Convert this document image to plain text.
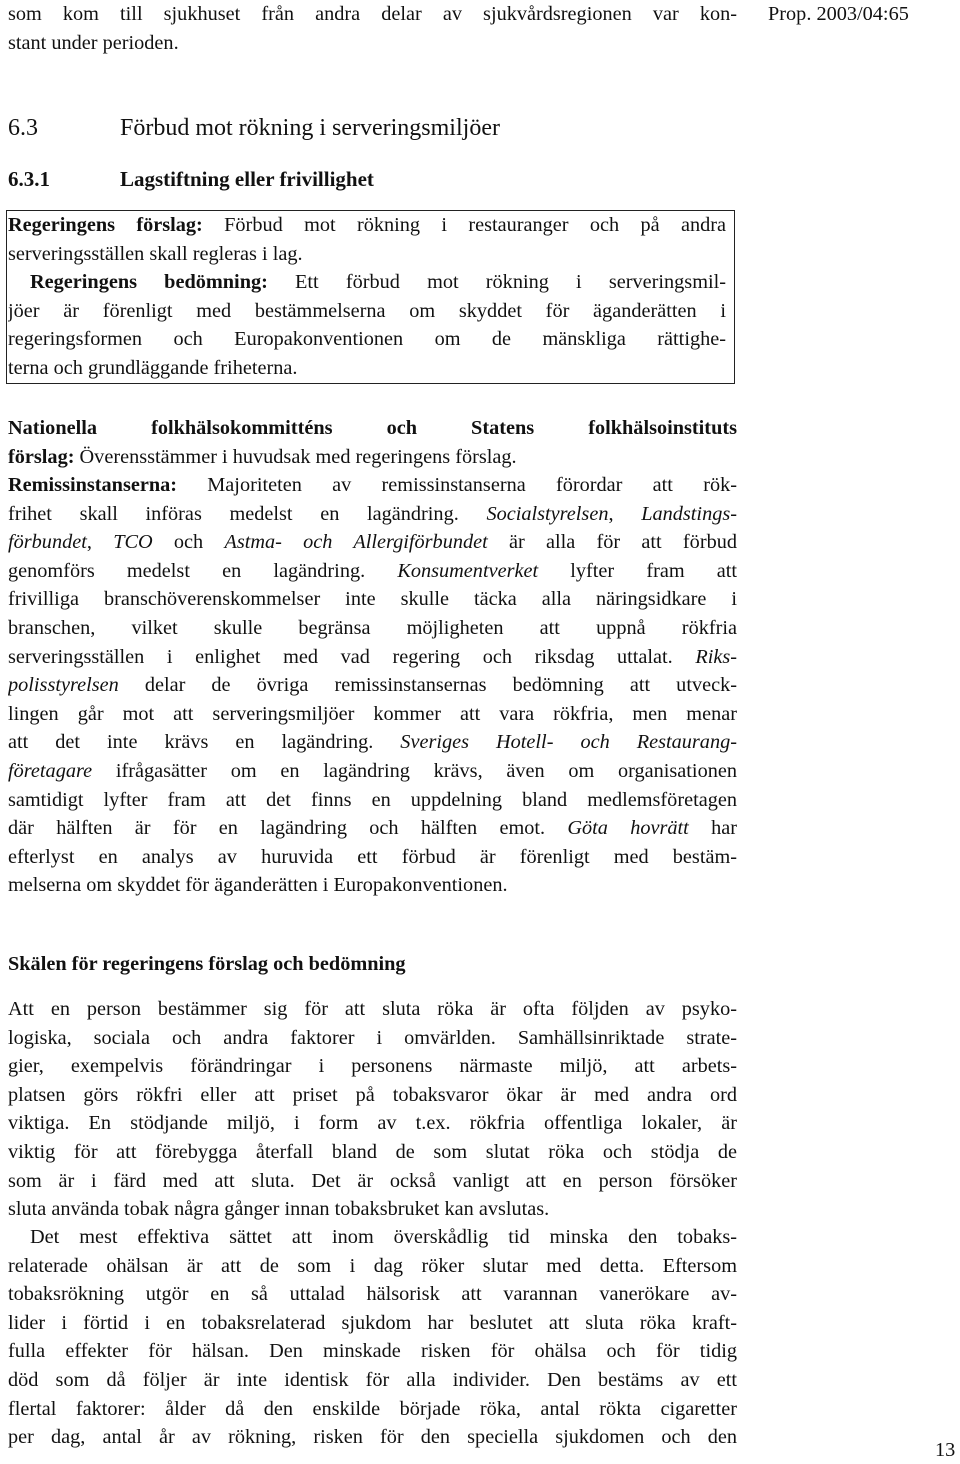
som kom till sjukhuset från andra delar av sjukvårdsregionen var kon-
stant under perioden.
Prop. 2003/04:65
6.3	Förbud mot rökning i serveringsmiljöer
6.3.1	Lagstiftning eller frivillighet
Regeringens förslag: Förbud mot rökning i restauranger och på andra
serveringsställen skall regleras i lag.
Regeringens bedömning: Ett förbud mot rökning i serveringsmil-
jöer är förenligt med bestämmelserna om skyddet för äganderätten i
regeringsformen och Europakonventionen om de mänskliga rättighe-
terna och grundläggande friheterna.
Nationella folkhälsokommitténs och Statens folkhälsoinstituts
förslag: Överensstämmer i huvudsak med regeringens förslag.
Remissinstanserna: Majoriteten av remissinstanserna förordar att rök-
frihet skall införas medelst en lagändring. Socialstyrelsen, Landstings-
förbundet, TCO och Astma- och Allergiförbundet är alla för att förbud
genomförs medelst en lagändring. Konsumentverket lyfter fram att
frivilliga branschöverenskommelser inte skulle täcka alla näringsidkare i
branschen, vilket skulle begränsa möjligheten att uppnå rökfria
serveringsställen i enlighet med vad regering och riksdag uttalat. Riks-
polisstyrelsen delar de övriga remissinstansernas bedömning att utveck-
lingen går mot att serveringsmiljöer kommer att vara rökfria, men menar
att det inte krävs en lagändring. Sveriges Hotell- och Restaurang-
företagare ifrågasätter om en lagändring krävs, även om organisationen
samtidigt lyfter fram att det finns en uppdelning bland medlemsföretagen
där hälften är för en lagändring och hälften emot. Göta hovrätt har
efterlyst en analys av huruvida ett förbud är förenligt med bestäm-
melserna om skyddet för äganderätten i Europakonventionen.
Skälen för regeringens förslag och bedömning
Att en person bestämmer sig för att sluta röka är ofta följden av psyko-
logiska, sociala och andra faktorer i omvärlden. Samhällsinriktade strate-
gier, exempelvis förändringar i personens närmaste miljö, att arbets-
platsen görs rökfri eller att priset på tobaksvaror ökar är med andra ord
viktiga. En stödjande miljö, i form av t.ex. rökfria offentliga lokaler, är
viktig för att förebygga återfall bland de som slutat röka och stödja de
som är i färd med att sluta. Det är också vanligt att en person försöker
sluta använda tobak några gånger innan tobaksbruket kan avslutas.
Det mest effektiva sättet att inom överskådlig tid minska den tobaks-
relaterade ohälsan är att de som i dag röker slutar med detta. Eftersom
tobaksrökning utgör en så uttalad hälsorisk att varannan vanerökare av-
lider i förtid i en tobaksrelaterad sjukdom har beslutet att sluta röka kraft-
fulla effekter för hälsan. Den minskade risken för ohälsa och för tidig
död som då följer är inte identisk för alla individer. Den bestäms av ett
flertal faktorer: ålder då den enskilde började röka, antal rökta cigaretter
per dag, antal år av rökning, risken för den speciella sjukdomen och den
13
